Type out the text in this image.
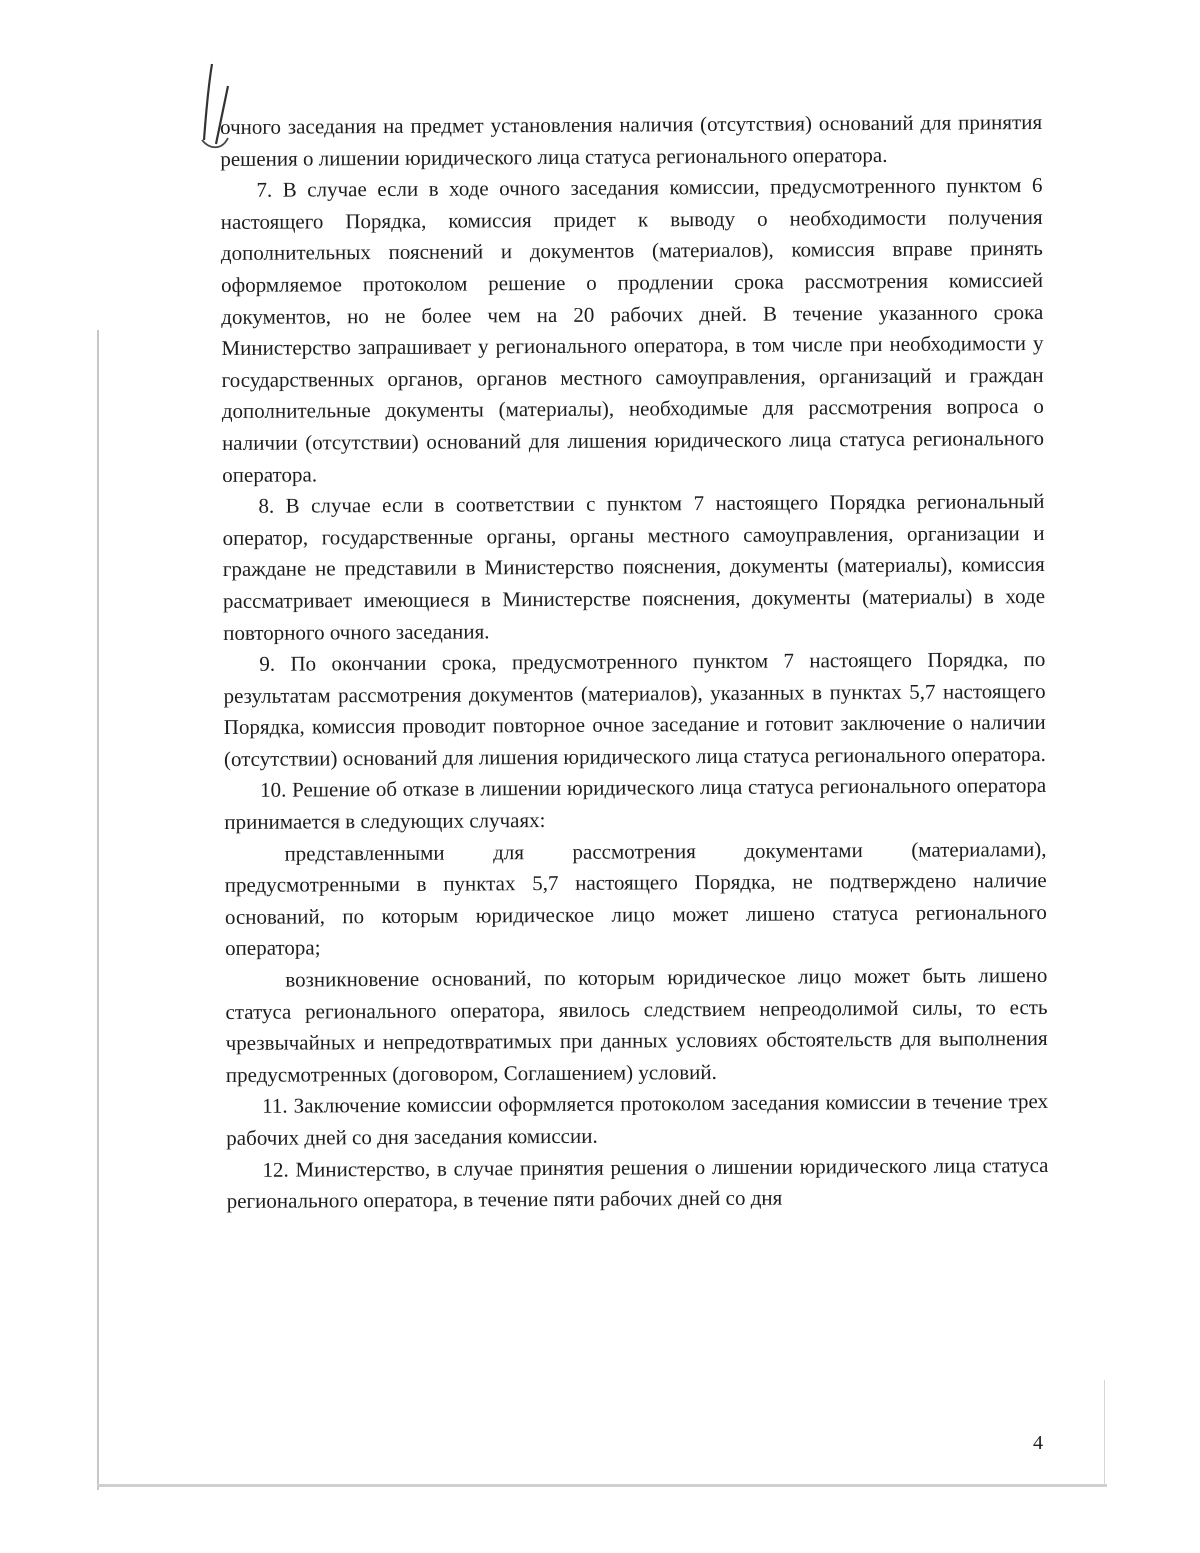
очного заседания на предмет установления наличия (отсутствия) оснований для принятия решения о лишении юридического лица статуса регионального оператора.

7. В случае если в ходе очного заседания комиссии, предусмотренного пунктом 6 настоящего Порядка, комиссия придет к выводу о необходимости получения дополнительных пояснений и документов (материалов), комиссия вправе принять оформляемое протоколом решение о продлении срока рассмотрения комиссией документов, но не более чем на 20 рабочих дней. В течение указанного срока Министерство запрашивает у регионального оператора, в том числе при необходимости у государственных органов, органов местного самоуправления, организаций и граждан дополнительные документы (материалы), необходимые для рассмотрения вопроса о наличии (отсутствии) оснований для лишения юридического лица статуса регионального оператора.

8. В случае если в соответствии с пунктом 7 настоящего Порядка региональный оператор, государственные органы, органы местного самоуправления, организации и граждане не представили в Министерство пояснения, документы (материалы), комиссия рассматривает имеющиеся в Министерстве пояснения, документы (материалы) в ходе повторного очного заседания.

9. По окончании срока, предусмотренного пунктом 7 настоящего Порядка, по результатам рассмотрения документов (материалов), указанных в пунктах 5,7 настоящего Порядка, комиссия проводит повторное очное заседание и готовит заключение о наличии (отсутствии) оснований для лишения юридического лица статуса регионального оператора.

10. Решение об отказе в лишении юридического лица статуса регионального оператора принимается в следующих случаях:

представленными для рассмотрения документами (материалами), предусмотренными в пунктах 5,7 настоящего Порядка, не подтверждено наличие оснований, по которым юридическое лицо может лишено статуса регионального оператора;

возникновение оснований, по которым юридическое лицо может быть лишено статуса регионального оператора, явилось следствием непреодолимой силы, то есть чрезвычайных и непредотвратимых при данных условиях обстоятельств для выполнения предусмотренных (договором, Соглашением) условий.

11. Заключение комиссии оформляется протоколом заседания комиссии в течение трех рабочих дней со дня заседания комиссии.

12. Министерство, в случае принятия решения о лишении юридического лица статуса регионального оператора, в течение пяти рабочих дней со дня

4
